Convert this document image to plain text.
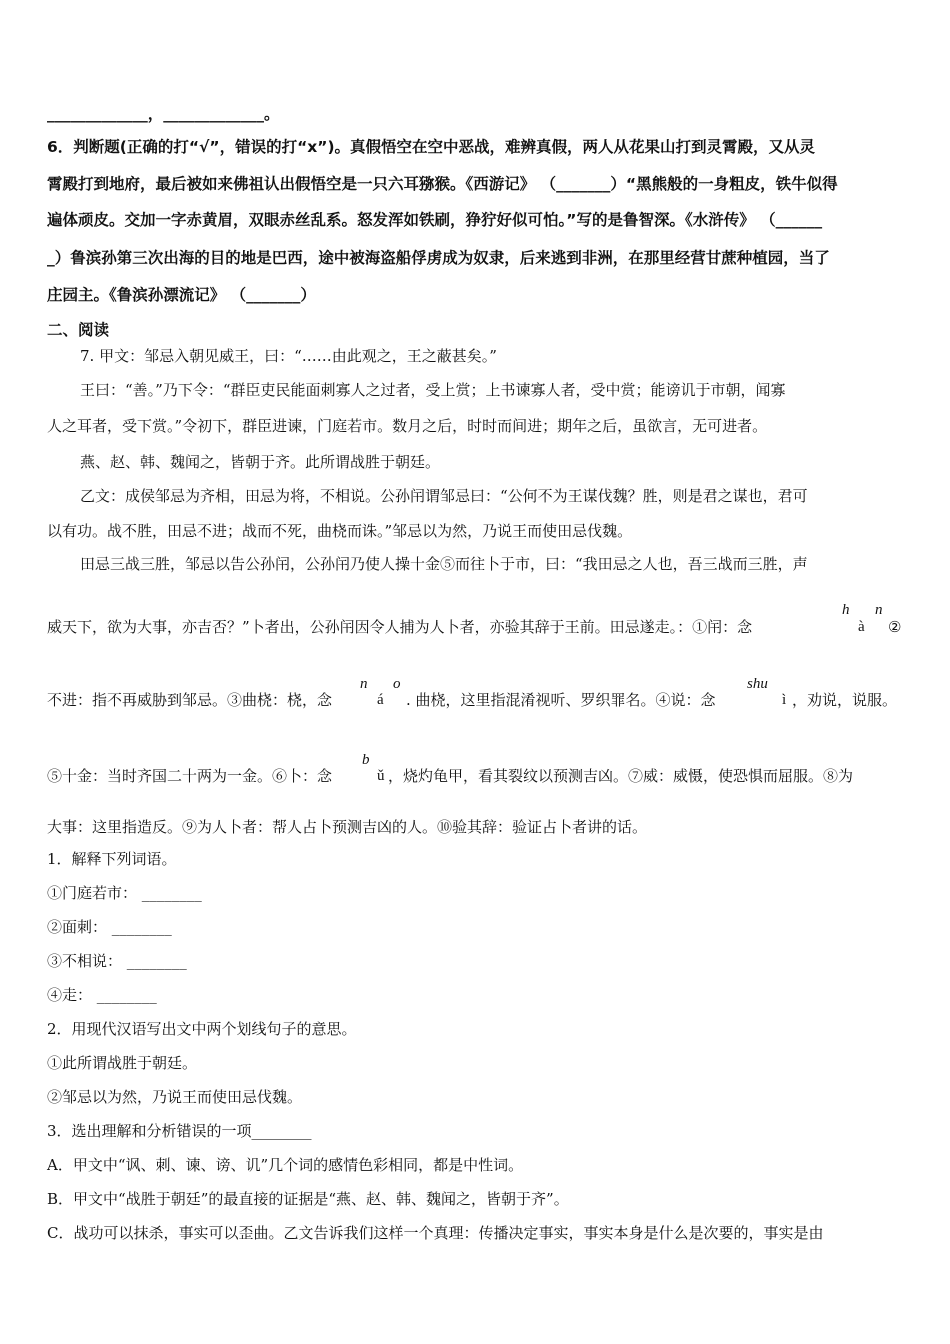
_____________，_____________。
6．判断题(正确的打“√”，错误的打“x”)。真假悟空在空中恶战，难辨真假，两人从花果山打到灵霄殿，又从灵
霄殿打到地府，最后被如来佛祖认出假悟空是一只六耳猕猴。《西游记》 （_______）“黑熊般的一身粗皮，铁牛似得
遍体顽皮。交加一字赤黄眉，双眼赤丝乱系。怒发浑如铁刷，狰狞好似可怕。”写的是鲁智深。《水浒传》 （______
_）鲁滨孙第三次出海的目的地是巴西，途中被海盗船俘虏成为奴隶，后来逃到非洲，在那里经营甘蔗种植园，当了
庄园主。《鲁滨孙漂流记》 （_______）
二、阅读
7. 甲文：邹忌入朝见威王，曰：“……由此观之，王之蔽甚矣。”
王曰：“善。”乃下令：“群臣吏民能面刺寡人之过者，受上赏；上书谏寡人者，受中赏；能谤讥于市朝，闻寡
人之耳者，受下赏。”令初下，群臣进谏，门庭若市。数月之后，时时而间进；期年之后，虽欲言，无可进者。
燕、赵、韩、魏闻之，皆朝于齐。此所谓战胜于朝廷。
乙文：成侯邹忌为齐相，田忌为将，不相说。公孙闬谓邹忌曰：“公何不为王谋伐魏？胜，则是君之谋也，君可
以有功。战不胜，田忌不进；战而不死，曲桡而诛。”邹忌以为然，乃说王而使田忌伐魏。
田忌三战三胜，邹忌以告公孙闬，公孙闬乃使人操十金⑤而往卜于市，曰：“我田忌之人也，吾三战而三胜，声
威天下，欲为大事，亦吉否？”卜者出，公孙闬因令人捕为人卜者，亦验其辞于王前。田忌遂走。：①闬：念
h
à
n
②
不进：指不再威胁到邹忌。③曲桡：桡，念
n
á
o
. 曲桡，这里指混淆视听、罗织罪名。④说：念
shu
ì ，劝说，说服。
⑤十金：当时齐国二十两为一金。⑥卜：念
b
ǔ ，烧灼龟甲，看其裂纹以预测吉凶。⑦威：威慑，使恐惧而屈服。⑧为
大事：这里指造反。⑨为人卜者：帮人占卜预测吉凶的人。⑩验其辞：验证占卜者讲的话。
1．解释下列词语。
①门庭若市： ________
②面刺： ________
③不相说： ________
④走： ________
2．用现代汉语写出文中两个划线句子的意思。
①此所谓战胜于朝廷。
②邹忌以为然，乃说王而使田忌伐魏。
3．选出理解和分析错误的一项________
A．甲文中“讽、刺、谏、谤、讥”几个词的感情色彩相同，都是中性词。
B．甲文中“战胜于朝廷”的最直接的证据是“燕、赵、韩、魏闻之，皆朝于齐”。
C．战功可以抹杀，事实可以歪曲。乙文告诉我们这样一个真理：传播决定事实，事实本身是什么是次要的，事实是由
